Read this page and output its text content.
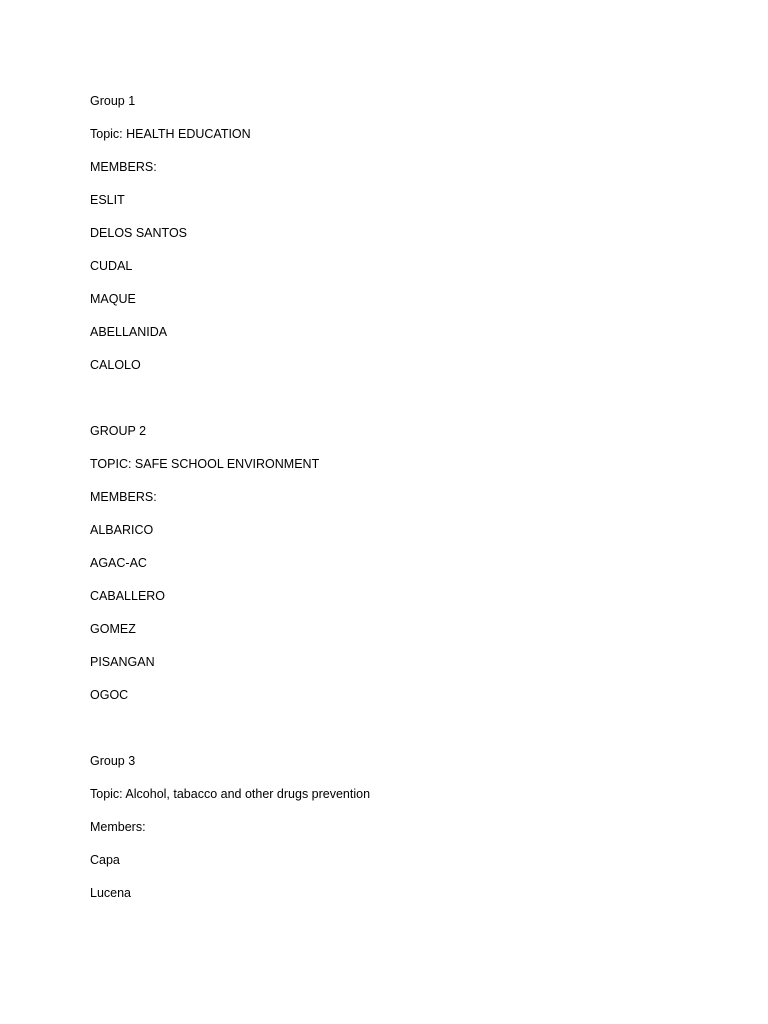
Group 1
Topic: HEALTH EDUCATION
MEMBERS:
ESLIT
DELOS SANTOS
CUDAL
MAQUE
ABELLANIDA
CALOLO
GROUP 2
TOPIC: SAFE SCHOOL ENVIRONMENT
MEMBERS:
ALBARICO
AGAC-AC
CABALLERO
GOMEZ
PISANGAN
OGOC
Group 3
Topic: Alcohol, tabacco and other drugs prevention
Members:
Capa
Lucena
